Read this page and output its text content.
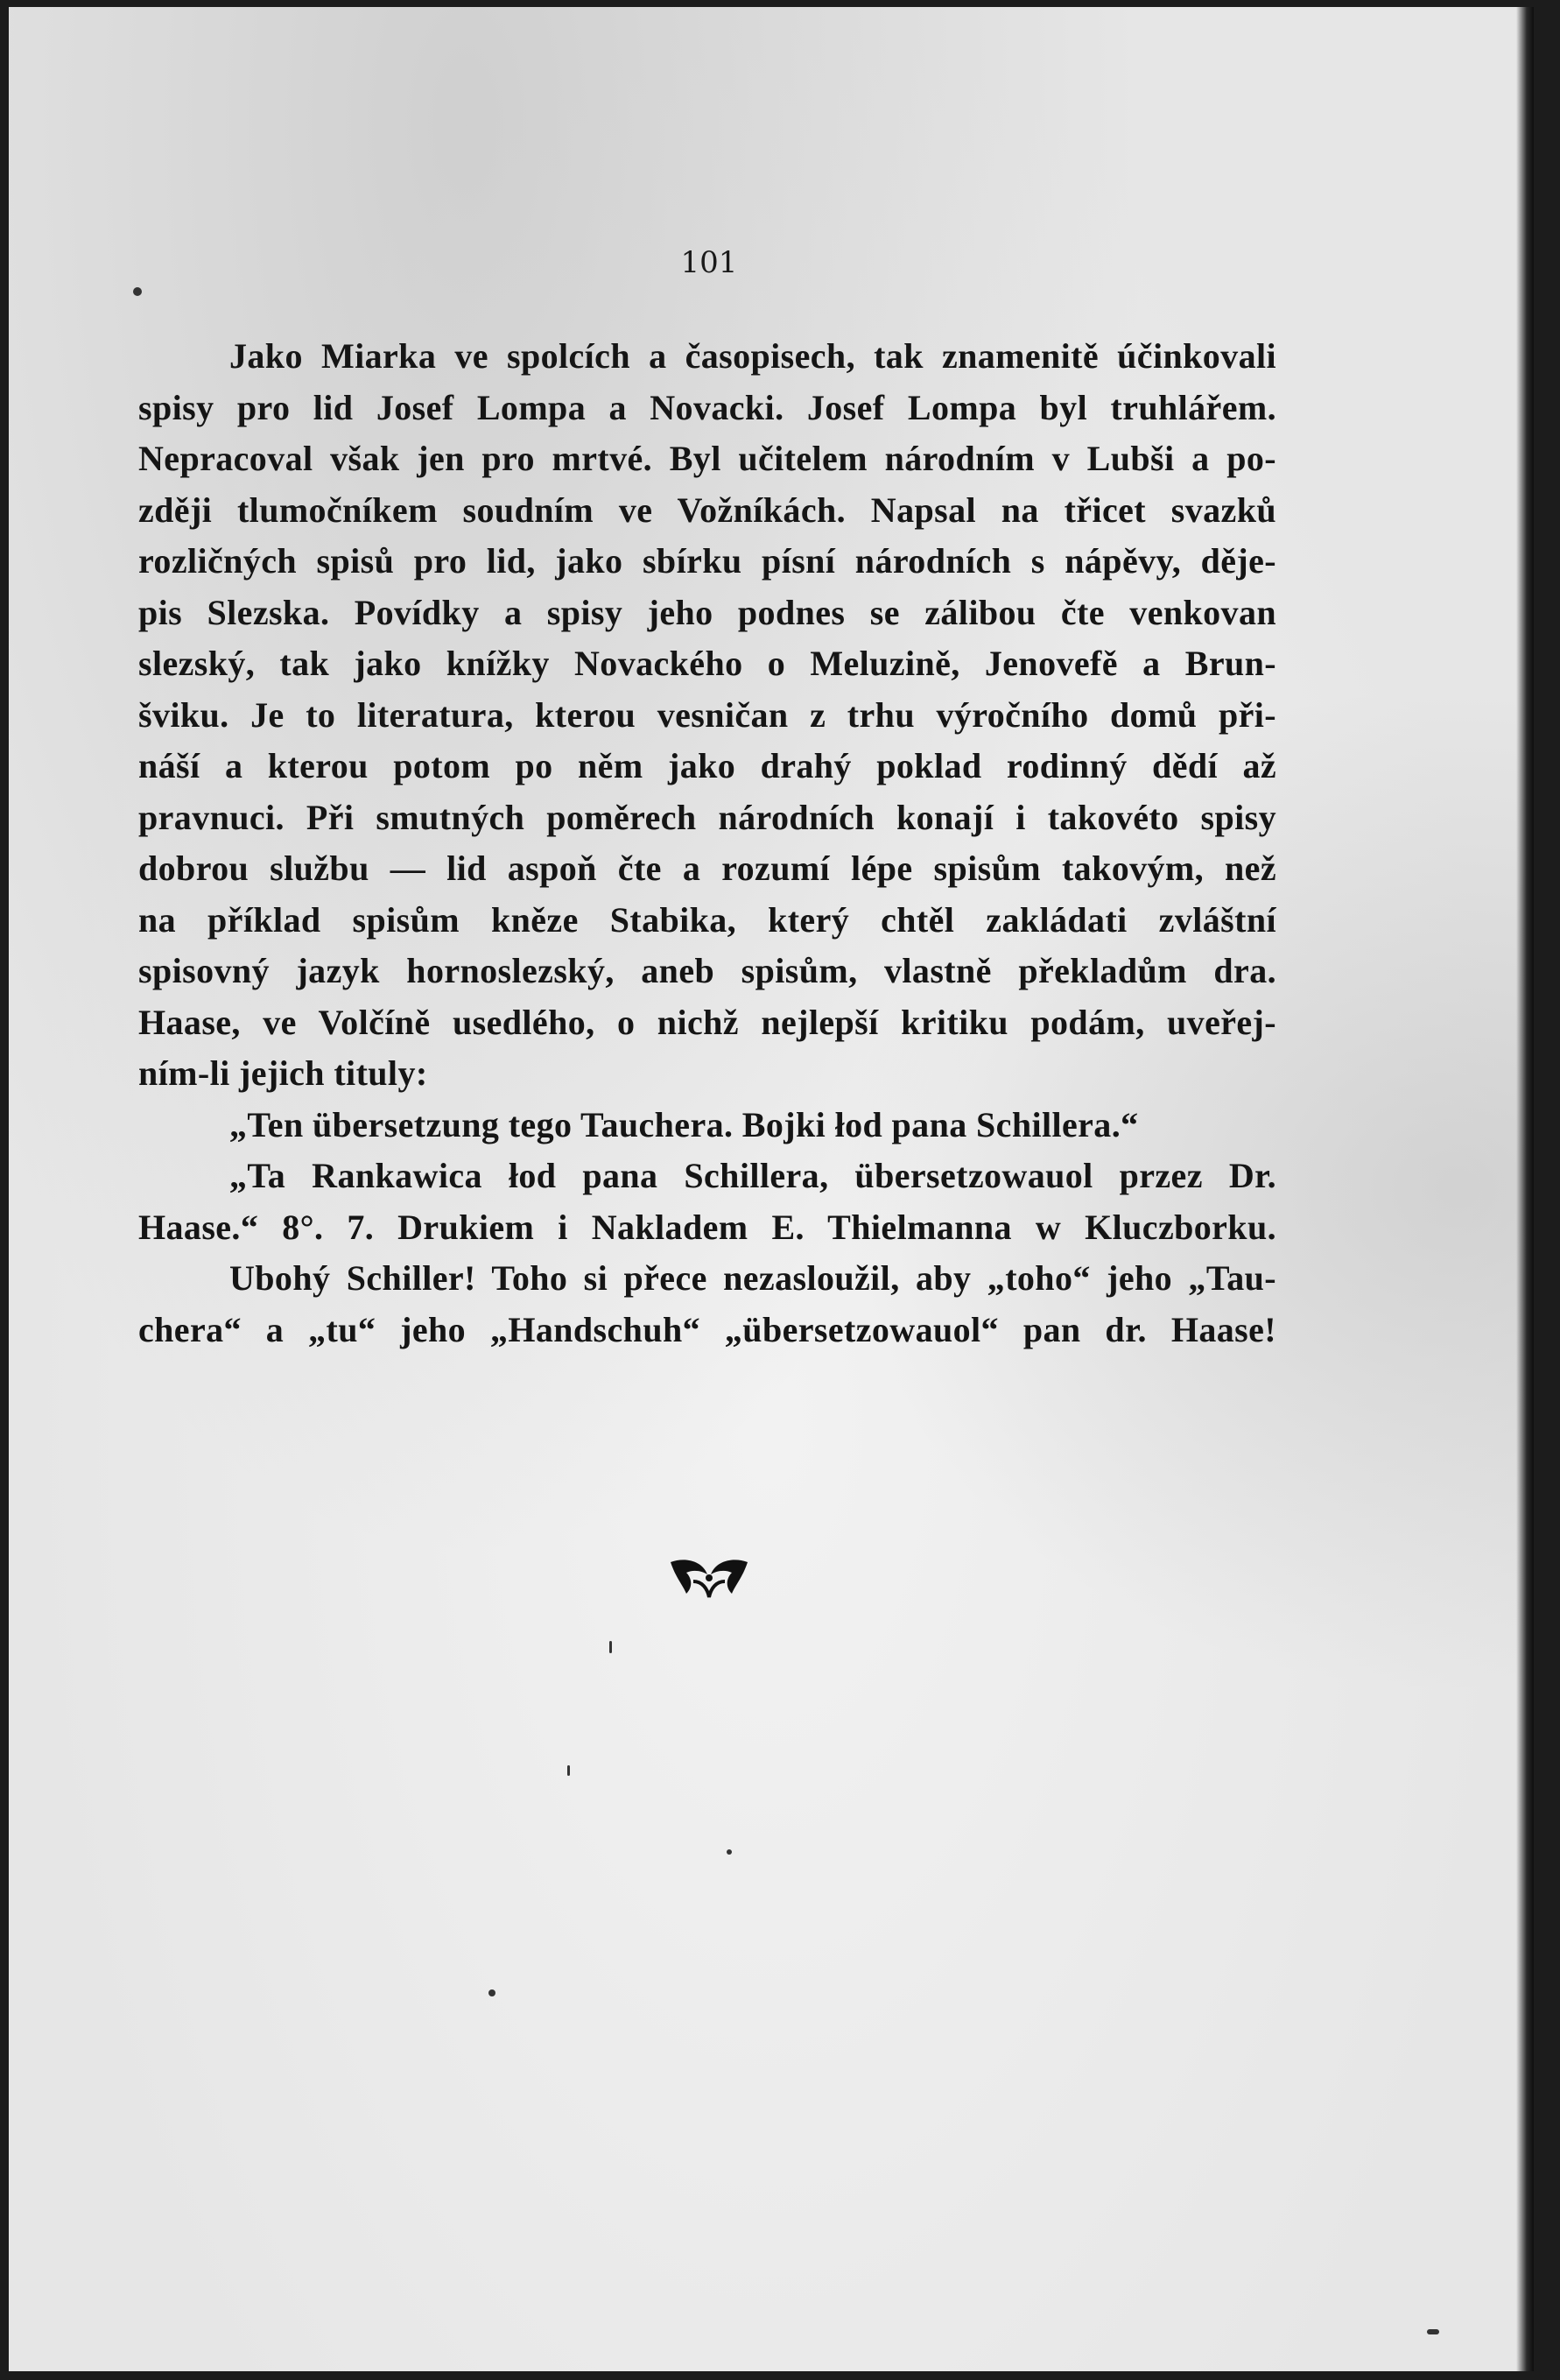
101
Jako Miarka ve spolcích a časopisech, tak znamenitě účinkovali
spisy pro lid Josef Lompa a Novacki. Josef Lompa byl truhlářem.
Nepracoval však jen pro mrtvé. Byl učitelem národním v Lubši a po-
zději tlumočníkem soudním ve Vožníkách. Napsal na třicet svazků
rozličných spisů pro lid, jako sbírku písní národních s nápěvy, děje-
pis Slezska. Povídky a spisy jeho podnes se zálibou čte venkovan
slezský, tak jako knížky Novackého o Meluzině, Jenovefě a Brun-
šviku. Je to literatura, kterou vesničan z trhu výročního domů při-
náší a kterou potom po něm jako drahý poklad rodinný dědí až
pravnuci. Při smutných poměrech národních konají i takovéto spisy
dobrou službu — lid aspoň čte a rozumí lépe spisům takovým, než
na příklad spisům kněze Stabika, který chtěl zakládati zvláštní
spisovný jazyk hornoslezský, aneb spisům, vlastně překladům dra.
Haase, ve Volčíně usedlého, o nichž nejlepší kritiku podám, uveřej-
ním-li jejich tituly:
„Ten übersetzung tego Tauchera. Bojki łod pana Schillera.“
„Ta Rankawica łod pana Schillera, übersetzowauol przez Dr.
Haase.“ 8°. 7. Drukiem i Nakladem E. Thielmanna w Kluczborku.
Ubohý Schiller! Toho si přece nezasloužil, aby „toho“ jeho „Tau-
chera“ a „tu“ jeho „Handschuh“ „übersetzowauol“ pan dr. Haase!
